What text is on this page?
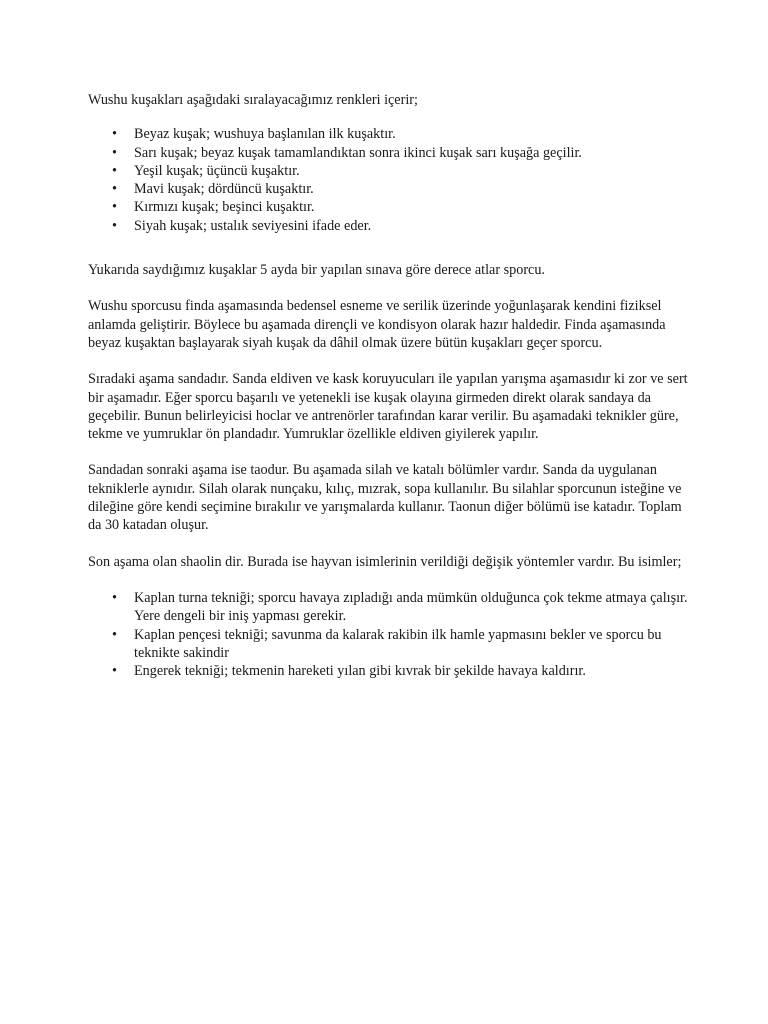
Wushu kuşakları aşağıdaki sıralayacağımız renkleri içerir;

• Beyaz kuşak; wushuya başlanılan ilk kuşaktır.
• Sarı kuşak; beyaz kuşak tamamlandıktan sonra ikinci kuşak sarı kuşağa geçilir.
• Yeşil kuşak; üçüncü kuşaktır.
• Mavi kuşak; dördüncü kuşaktır.
• Kırmızı kuşak; beşinci kuşaktır.
• Siyah kuşak; ustalık seviyesini ifade eder.

Yukarıda saydığımız kuşaklar 5 ayda bir yapılan sınava göre derece atlar sporcu.

Wushu sporcusu finda aşamasında bedensel esneme ve serilik üzerinde yoğunlaşarak kendini fiziksel anlamda geliştirir. Böylece bu aşamada dirençli ve kondisyon olarak hazır haldedir. Finda aşamasında beyaz kuşaktan başlayarak siyah kuşak da dâhil olmak üzere bütün kuşakları geçer sporcu.

Sıradaki aşama sandadır. Sanda eldiven ve kask koruyucuları ile yapılan yarışma aşamasıdır ki zor ve sert bir aşamadır. Eğer sporcu başarılı ve yetenekli ise kuşak olayına girmeden direkt olarak sandaya da geçebilir. Bunun belirleyicisi hoclar ve antrenörler tarafından karar verilir. Bu aşamadaki teknikler güre, tekme ve yumruklar ön plandadır. Yumruklar özellikle eldiven giyilerek yapılır.

Sandadan sonraki aşama ise taodur. Bu aşamada silah ve katalı bölümler vardır. Sanda da uygulanan tekniklerle aynıdır. Silah olarak nunçaku, kılıç, mızrak, sopa kullanılır. Bu silahlar sporcunun isteğine ve dileğine göre kendi seçimine bırakılır ve yarışmalarda kullanır. Taonun diğer bölümü ise katadır. Toplam da 30 katadan oluşur.

Son aşama olan shaolin dir. Burada ise hayvan isimlerinin verildiği değişik yöntemler vardır. Bu isimler;

• Kaplan turna tekniği; sporcu havaya zıpladığı anda mümkün olduğunca çok tekme atmaya çalışır. Yere dengeli bir iniş yapması gerekir.
• Kaplan pençesi tekniği; savunma da kalarak rakibin ilk hamle yapmasını bekler ve sporcu bu teknikte sakindir
• Engerek tekniği; tekmenin hareketi yılan gibi kıvrak bir şekilde havaya kaldırır.
